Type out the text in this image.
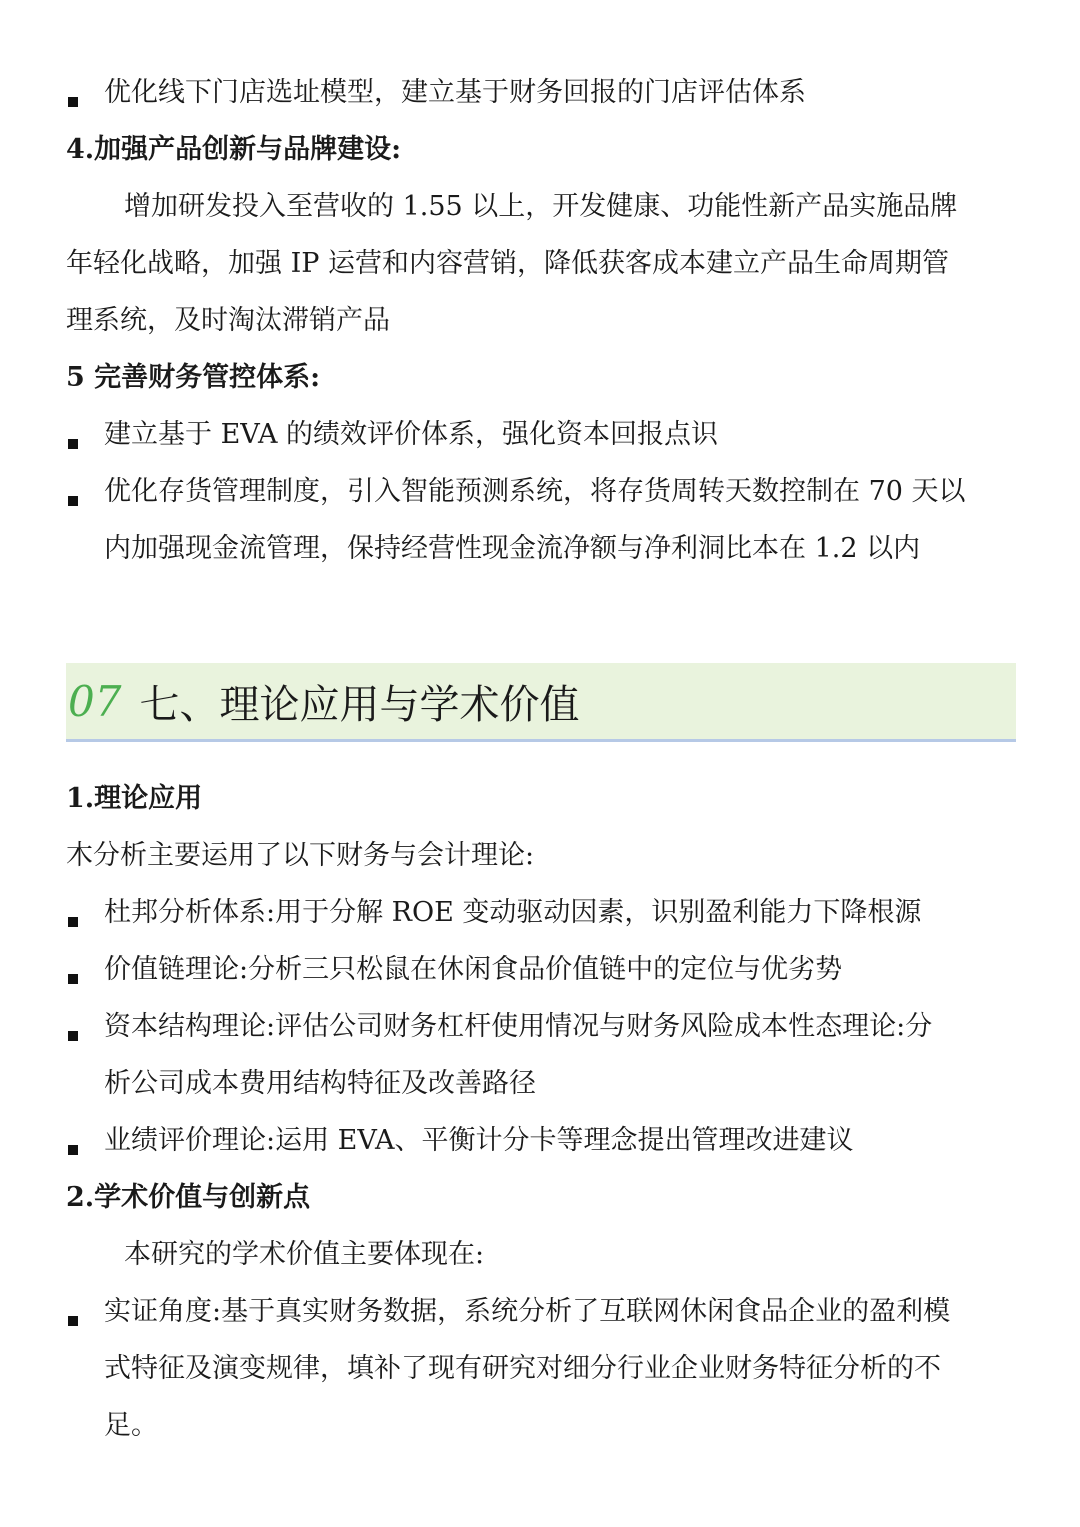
优化线下门店选址模型，建立基于财务回报的门店评估体系
4.加强产品创新与品牌建设:
增加研发投入至营收的 1.55 以上，开发健康、功能性新产品实施品牌
年轻化战略，加强 IP 运营和内容营销，降低获客成本建立产品生命周期管
理系统，及时淘汰滞销产品
5 完善财务管控体系:
建立基于 EVA 的绩效评价体系，强化资本回报点识
优化存货管理制度，引入智能预测系统，将存货周转天数控制在 70 天以
内加强现金流管理，保持经营性现金流净额与净利洞比本在 1.2 以内
07 七、理论应用与学术价值
1.理论应用
木分析主要运用了以下财务与会计理论:
杜邦分析体系:用于分解 ROE 变动驱动因素，识别盈利能力下降根源
价值链理论:分析三只松鼠在休闲食品价值链中的定位与优劣势
资本结构理论:评估公司财务杠杆使用情况与财务风险成本性态理论:分
析公司成本费用结构特征及改善路径
业绩评价理论:运用 EVA、平衡计分卡等理念提出管理改进建议
2.学术价值与创新点
本研究的学术价值主要体现在:
实证角度:基于真实财务数据，系统分析了互联网休闲食品企业的盈利模
式特征及演变规律，填补了现有研究对细分行业企业财务特征分析的不
足。
